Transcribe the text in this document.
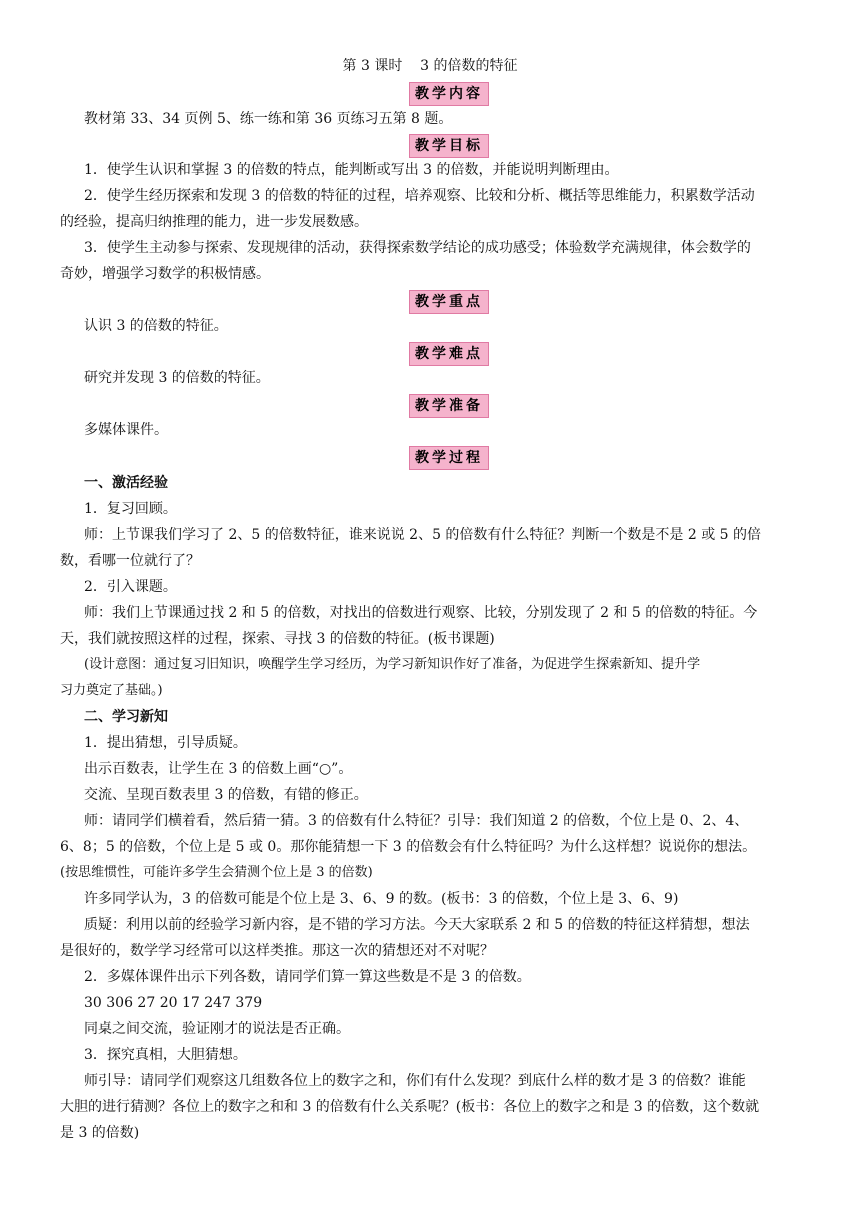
第 3 课时    3 的倍数的特征
教学内容
教材第 33、34 页例 5、练一练和第 36 页练习五第 8 题。
教学目标
1．使学生认识和掌握 3 的倍数的特点，能判断或写出 3 的倍数，并能说明判断理由。
2．使学生经历探索和发现 3 的倍数的特征的过程，培养观察、比较和分析、概括等思维能力，积累数学活动
的经验，提高归纳推理的能力，进一步发展数感。
3．使学生主动参与探索、发现规律的活动，获得探索数学结论的成功感受；体验数学充满规律，体会数学的
奇妙，增强学习数学的积极情感。
教学重点
认识 3 的倍数的特征。
教学难点
研究并发现 3 的倍数的特征。
教学准备
多媒体课件。
教学过程
一、激活经验
1．复习回顾。
师：上节课我们学习了 2、5 的倍数特征，谁来说说 2、5 的倍数有什么特征？判断一个数是不是 2 或 5 的倍
数，看哪一位就行了？
2．引入课题。
师：我们上节课通过找 2 和 5 的倍数，对找出的倍数进行观察、比较，分别发现了 2 和 5 的倍数的特征。今
天，我们就按照这样的过程，探索、寻找 3 的倍数的特征。(板书课题)
(设计意图：通过复习旧知识，唤醒学生学习经历，为学习新知识作好了准备，为促进学生探索新知、提升学
习力奠定了基础。)
二、学习新知
1．提出猜想，引导质疑。
出示百数表，让学生在 3 的倍数上画“○”。
交流、呈现百数表里 3 的倍数，有错的修正。
师：请同学们横着看，然后猜一猜。3 的倍数有什么特征？引导：我们知道 2 的倍数，个位上是 0、2、4、
6、8；5 的倍数，个位上是 5 或 0。那你能猜想一下 3 的倍数会有什么特征吗？为什么这样想？说说你的想法。
(按思维惯性，可能许多学生会猜测个位上是 3 的倍数)
许多同学认为，3 的倍数可能是个位上是 3、6、9 的数。(板书：3 的倍数，个位上是 3、6、9)
质疑：利用以前的经验学习新内容，是不错的学习方法。今天大家联系 2 和 5 的倍数的特征这样猜想，想法
是很好的，数学学习经常可以这样类推。那这一次的猜想还对不对呢？
2．多媒体课件出示下列各数，请同学们算一算这些数是不是 3 的倍数。
30 306 27 20 17 247 379
同桌之间交流，验证刚才的说法是否正确。
3．探究真相，大胆猜想。
师引导：请同学们观察这几组数各位上的数字之和，你们有什么发现？到底什么样的数才是 3 的倍数？谁能
大胆的进行猜测？各位上的数字之和和 3 的倍数有什么关系呢？(板书：各位上的数字之和是 3 的倍数，这个数就
是 3 的倍数)
